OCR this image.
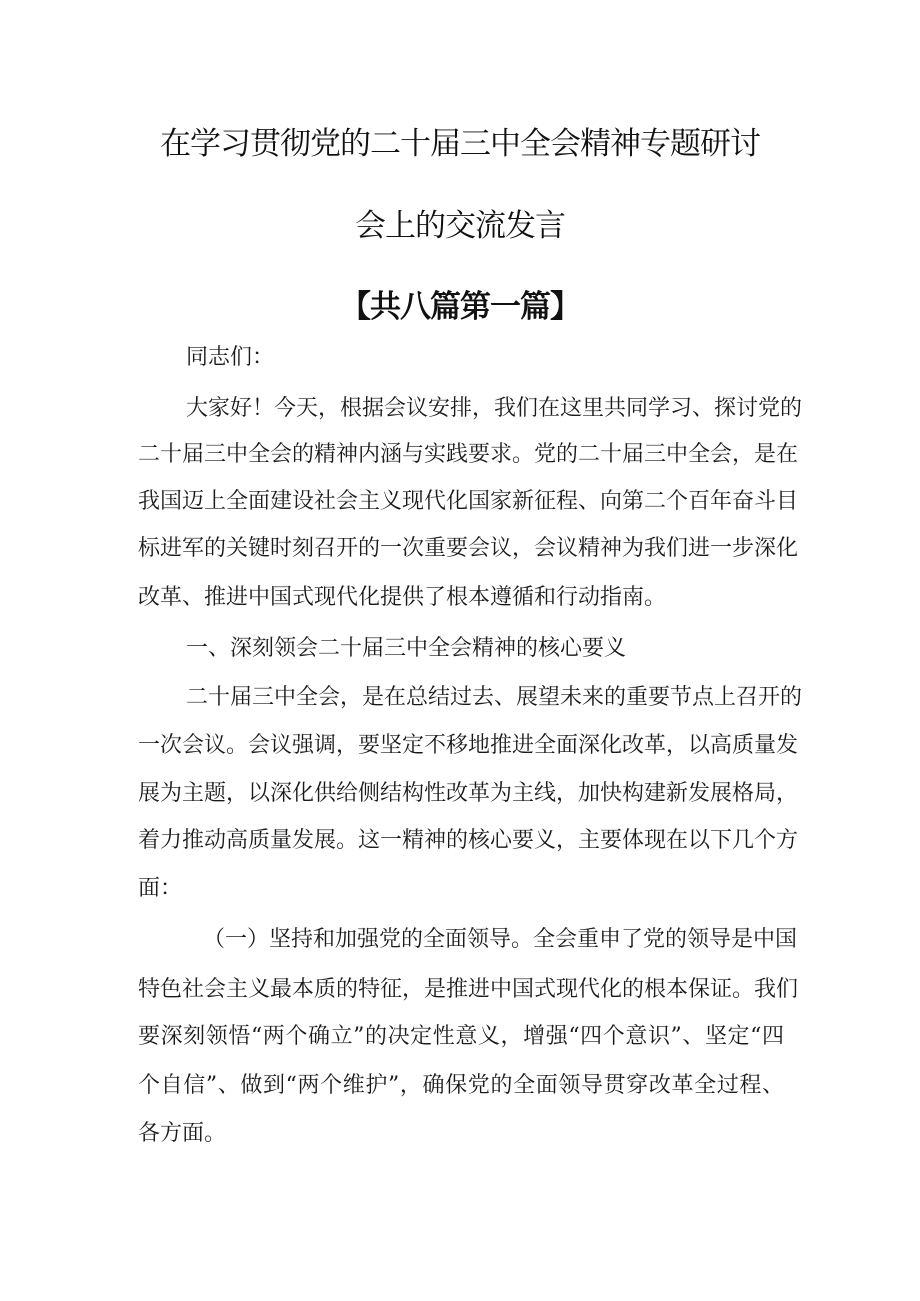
在学习贯彻党的二十届三中全会精神专题研讨
会上的交流发言
【共八篇第一篇】
同志们：
大家好！今天，根据会议安排，我们在这里共同学习、探讨党的
二十届三中全会的精神内涵与实践要求。党的二十届三中全会，是在
我国迈上全面建设社会主义现代化国家新征程、向第二个百年奋斗目
标进军的关键时刻召开的一次重要会议，会议精神为我们进一步深化
改革、推进中国式现代化提供了根本遵循和行动指南。
一、深刻领会二十届三中全会精神的核心要义
二十届三中全会，是在总结过去、展望未来的重要节点上召开的
一次会议。会议强调，要坚定不移地推进全面深化改革，以高质量发
展为主题，以深化供给侧结构性改革为主线，加快构建新发展格局，
着力推动高质量发展。这一精神的核心要义，主要体现在以下几个方
面：
（一）坚持和加强党的全面领导。全会重申了党的领导是中国
特色社会主义最本质的特征，是推进中国式现代化的根本保证。我们
要深刻领悟“两个确立”的决定性意义，增强“四个意识”、坚定“四
个自信”、做到“两个维护”，确保党的全面领导贯穿改革全过程、
各方面。
